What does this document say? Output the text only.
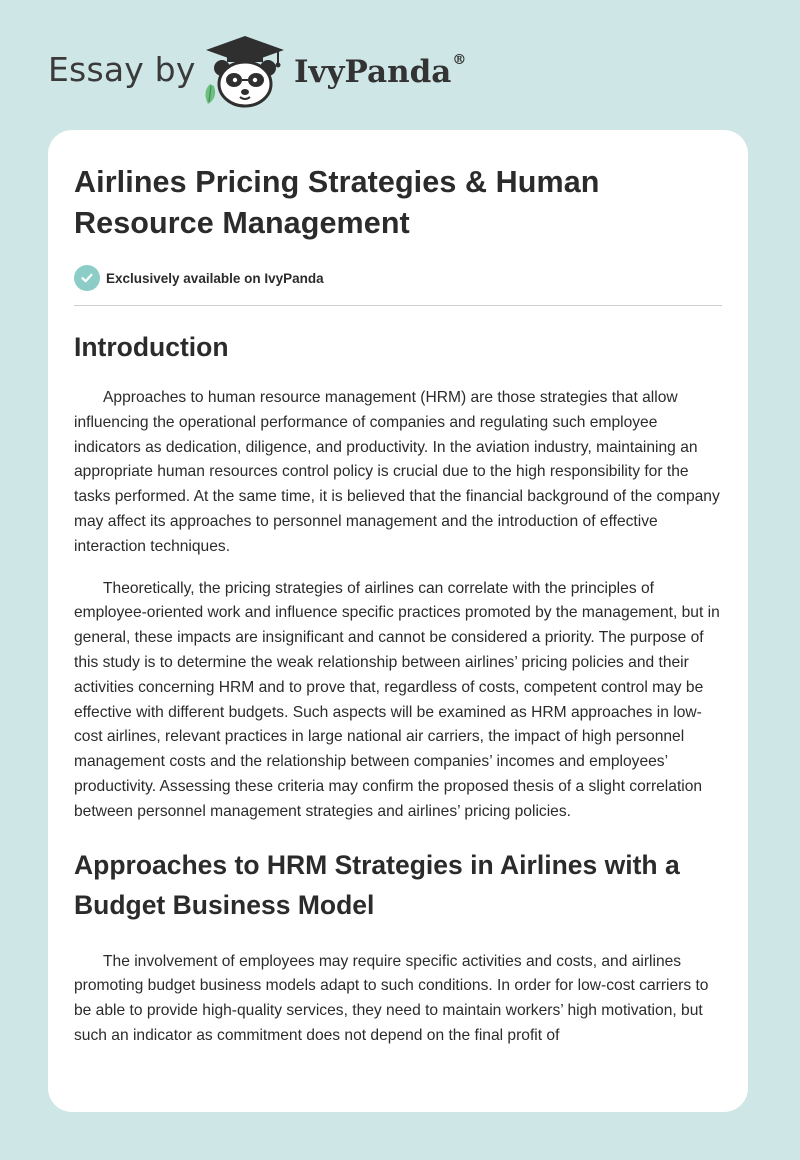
Essay by	IvyPanda®
Airlines Pricing Strategies & Human Resource Management
Exclusively available on IvyPanda
Introduction

Approaches to human resource management (HRM) are those strategies that allow influencing the operational performance of companies and regulating such employee indicators as dedication, diligence, and productivity. In the aviation industry, maintaining an appropriate human resources control policy is crucial due to the high responsibility for the tasks performed. At the same time, it is believed that the financial background of the company may affect its approaches to personnel management and the introduction of effective interaction techniques.

Theoretically, the pricing strategies of airlines can correlate with the principles of employee-oriented work and influence specific practices promoted by the management, but in general, these impacts are insignificant and cannot be considered a priority. The purpose of this study is to determine the weak relationship between airlines’ pricing policies and their activities concerning HRM and to prove that, regardless of costs, competent control may be effective with different budgets. Such aspects will be examined as HRM approaches in low-cost airlines, relevant practices in large national air carriers, the impact of high personnel management costs and the relationship between companies’ incomes and employees’ productivity. Assessing these criteria may confirm the proposed thesis of a slight correlation between personnel management strategies and airlines’ pricing policies.

Approaches to HRM Strategies in Airlines with a Budget Business Model

The involvement of employees may require specific activities and costs, and airlines promoting budget business models adapt to such conditions. In order for low-cost carriers to be able to provide high-quality services, they need to maintain workers’ high motivation, but such an indicator as commitment does not depend on the final profit of
